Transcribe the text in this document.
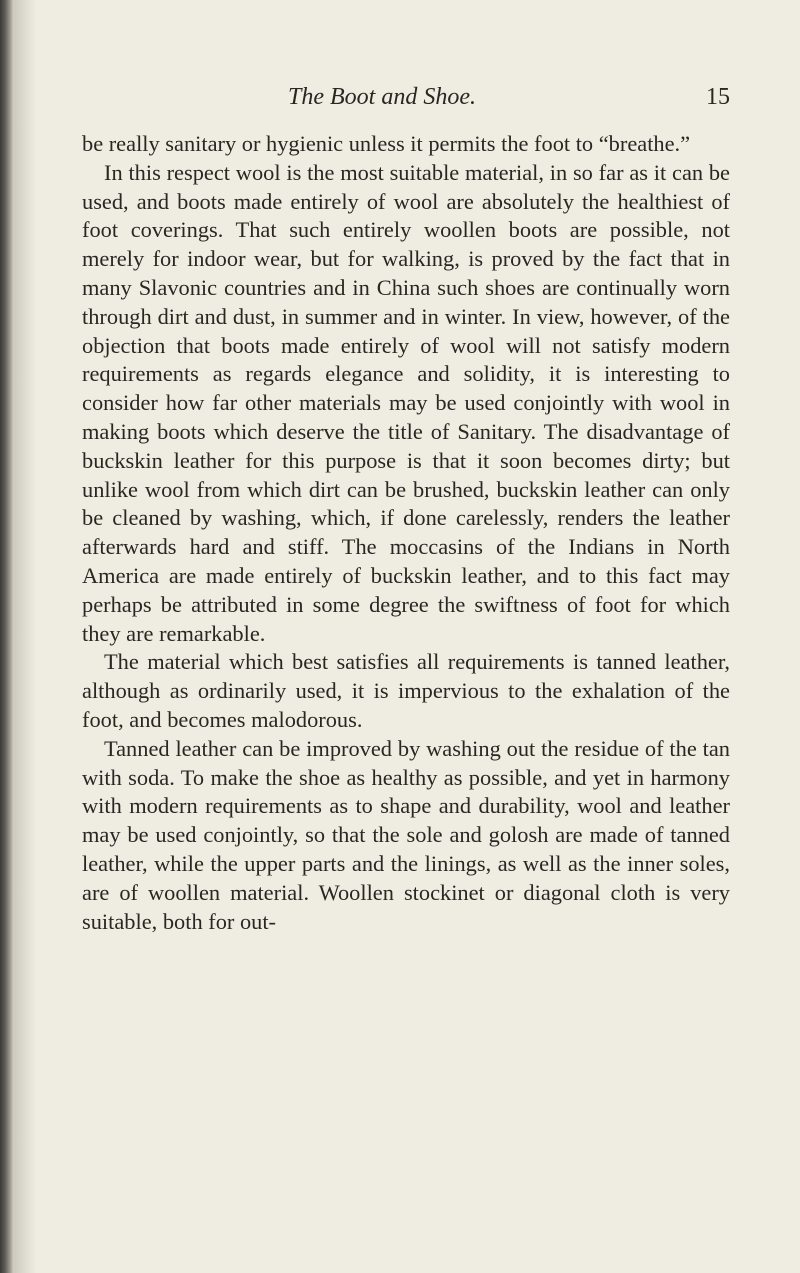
The Boot and Shoe.	15

be really sanitary or hygienic unless it permits the foot to “breathe.”

In this respect wool is the most suitable material, in so far as it can be used, and boots made entirely of wool are absolutely the healthiest of foot coverings. That such entirely woollen boots are possible, not merely for indoor wear, but for walking, is proved by the fact that in many Slavonic countries and in China such shoes are continually worn through dirt and dust, in summer and in winter. In view, however, of the objection that boots made entirely of wool will not satisfy modern requirements as regards elegance and solidity, it is interesting to consider how far other materials may be used conjointly with wool in making boots which deserve the title of Sanitary. The disadvantage of buckskin leather for this purpose is that it soon becomes dirty; but unlike wool from which dirt can be brushed, buckskin leather can only be cleaned by washing, which, if done carelessly, renders the leather afterwards hard and stiff. The moccasins of the Indians in North America are made entirely of buckskin leather, and to this fact may perhaps be attributed in some degree the swiftness of foot for which they are remarkable.

The material which best satisfies all requirements is tanned leather, although as ordinarily used, it is impervious to the exhalation of the foot, and becomes malodorous.

Tanned leather can be improved by washing out the residue of the tan with soda. To make the shoe as healthy as possible, and yet in harmony with modern requirements as to shape and durability, wool and leather may be used conjointly, so that the sole and golosh are made of tanned leather, while the upper parts and the linings, as well as the inner soles, are of woollen material. Woollen stockinet or diagonal cloth is very suitable, both for out-
